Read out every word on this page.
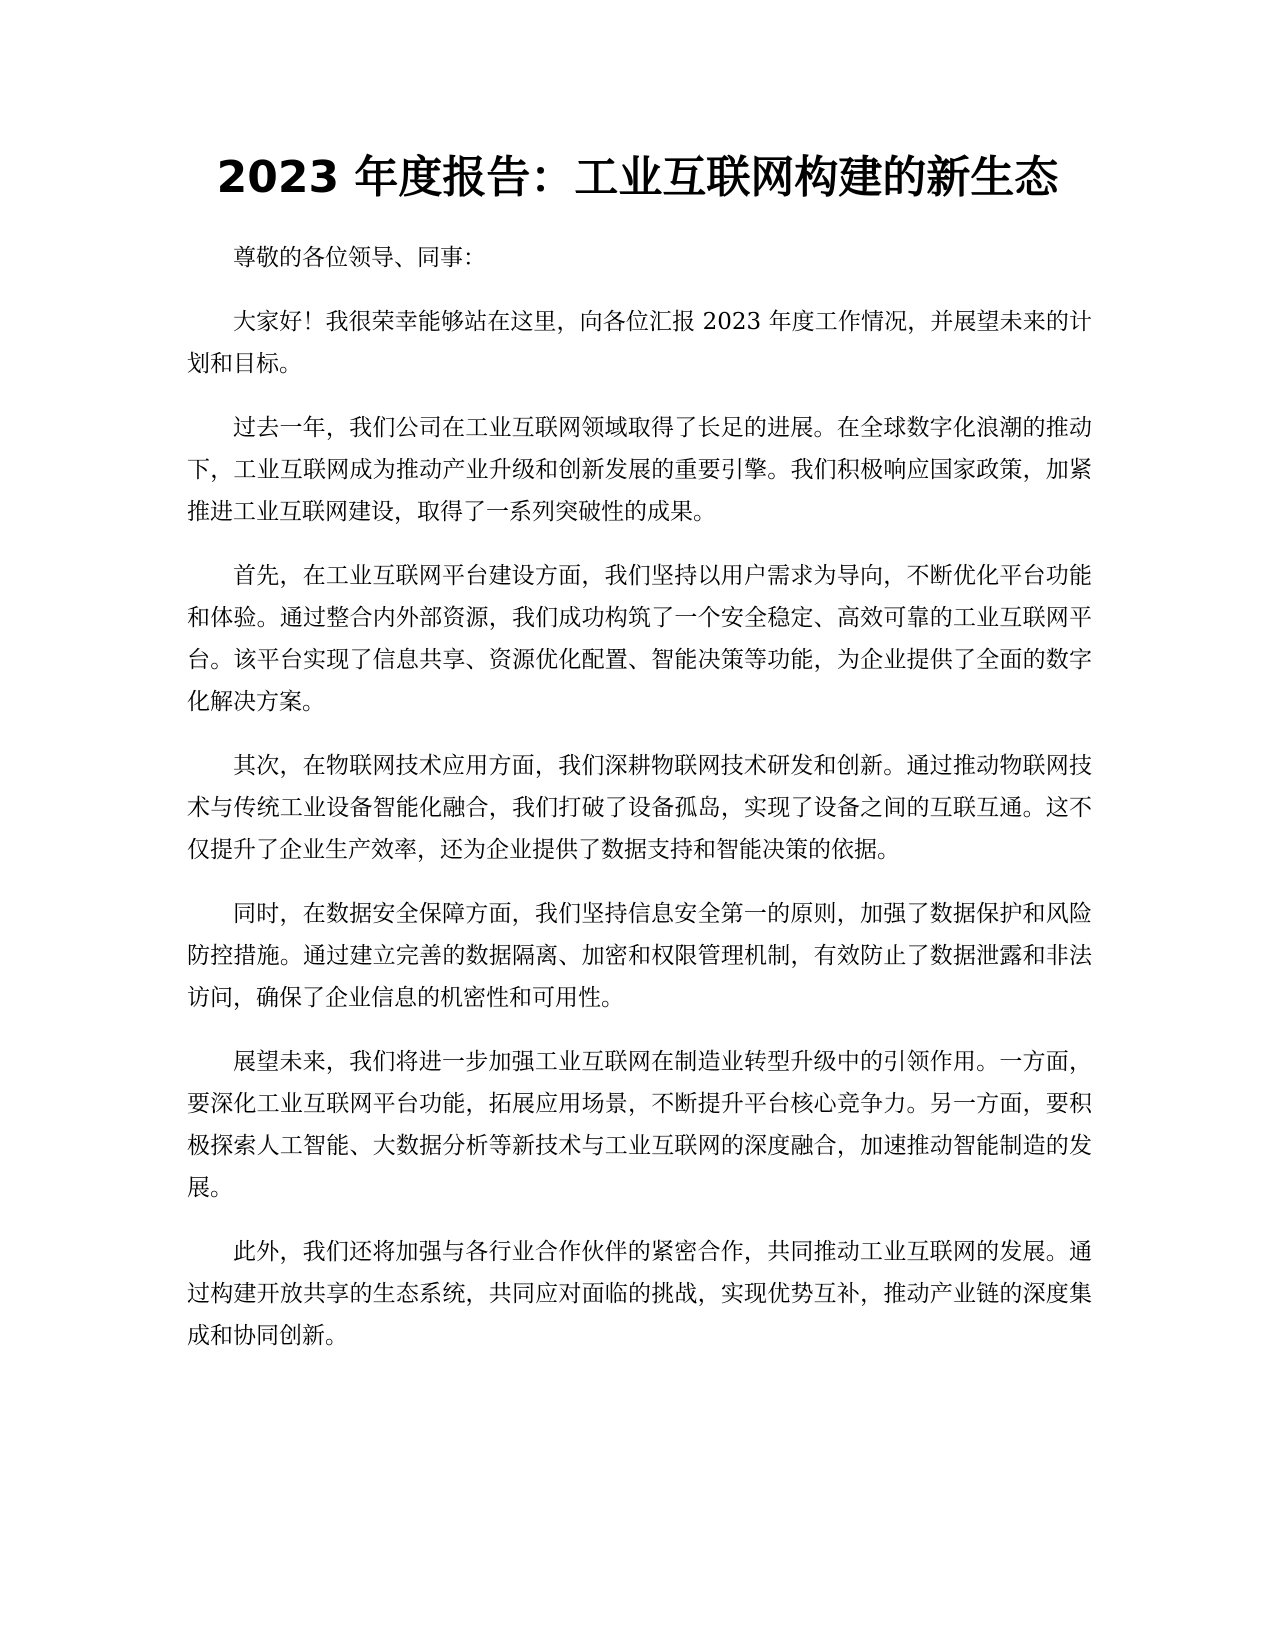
2023 年度报告：工业互联网构建的新生态

尊敬的各位领导、同事：

大家好！我很荣幸能够站在这里，向各位汇报 2023 年度工作情况，并展望未来的计划和目标。

过去一年，我们公司在工业互联网领域取得了长足的进展。在全球数字化浪潮的推动下，工业互联网成为推动产业升级和创新发展的重要引擎。我们积极响应国家政策，加紧推进工业互联网建设，取得了一系列突破性的成果。

首先，在工业互联网平台建设方面，我们坚持以用户需求为导向，不断优化平台功能和体验。通过整合内外部资源，我们成功构筑了一个安全稳定、高效可靠的工业互联网平台。该平台实现了信息共享、资源优化配置、智能决策等功能，为企业提供了全面的数字化解决方案。

其次，在物联网技术应用方面，我们深耕物联网技术研发和创新。通过推动物联网技术与传统工业设备智能化融合，我们打破了设备孤岛，实现了设备之间的互联互通。这不仅提升了企业生产效率，还为企业提供了数据支持和智能决策的依据。

同时，在数据安全保障方面，我们坚持信息安全第一的原则，加强了数据保护和风险防控措施。通过建立完善的数据隔离、加密和权限管理机制，有效防止了数据泄露和非法访问，确保了企业信息的机密性和可用性。

展望未来，我们将进一步加强工业互联网在制造业转型升级中的引领作用。一方面，要深化工业互联网平台功能，拓展应用场景，不断提升平台核心竞争力。另一方面，要积极探索人工智能、大数据分析等新技术与工业互联网的深度融合，加速推动智能制造的发展。

此外，我们还将加强与各行业合作伙伴的紧密合作，共同推动工业互联网的发展。通过构建开放共享的生态系统，共同应对面临的挑战，实现优势互补，推动产业链的深度集成和协同创新。
